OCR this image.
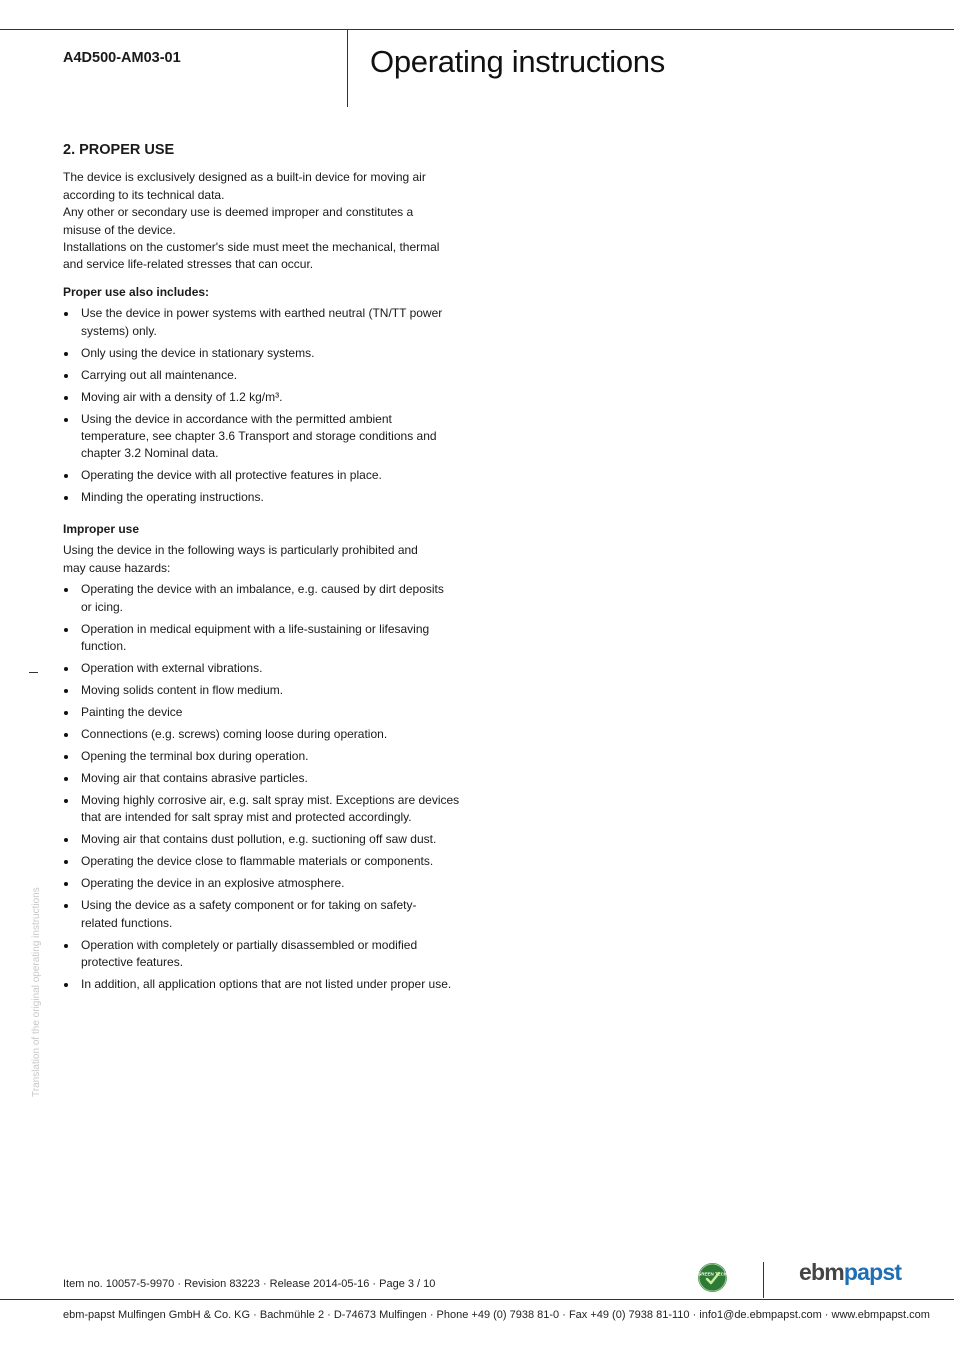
A4D500-AM03-01	Operating instructions
2. PROPER USE

The device is exclusively designed as a built-in device for moving air

according to its technical data.

Any other or secondary use is deemed improper and constitutes a

misuse of the device.

Installations on the customer's side must meet the mechanical, thermal

and service life-related stresses that can occur.

Proper use also includes:
Use the device in power systems with earthed neutral (TN/TT power systems) only.
Only using the device in stationary systems.
Carrying out all maintenance.
Moving air with a density of 1.2 kg/m³.
Using the device in accordance with the permitted ambient temperature, see chapter 3.6 Transport and storage conditions and chapter 3.2 Nominal data.
Operating the device with all protective features in place.
Minding the operating instructions.
Improper use
Using the device in the following ways is particularly prohibited and may cause hazards:
Operating the device with an imbalance, e.g. caused by dirt deposits or icing.
Operation in medical equipment with a life-sustaining or lifesaving function.
Operation with external vibrations.
Moving solids content in flow medium.
Painting the device
Connections (e.g. screws) coming loose during operation.
Opening the terminal box during operation.
Moving air that contains abrasive particles.
Moving highly corrosive air, e.g. salt spray mist. Exceptions are devices that are intended for salt spray mist and protected accordingly.
Moving air that contains dust pollution, e.g. suctioning off saw dust.
Operating the device close to flammable materials or components.
Operating the device in an explosive atmosphere.
Using the device as a safety component or for taking on safety-related functions.
Operation with completely or partially disassembled or modified protective features.
In addition, all application options that are not listed under proper use.
Translation of the original operating instructions
Item no. 10057-5-9970 · Revision 83223 · Release 2014-05-16 · Page 3 / 10
GREEN TECH	ebmpapst
ebm-papst Mulfingen GmbH & Co. KG · Bachmühle 2 · D-74673 Mulfingen · Phone +49 (0) 7938 81-0 · Fax +49 (0) 7938 81-110 · info1@de.ebmpapst.com · www.ebmpapst.com
